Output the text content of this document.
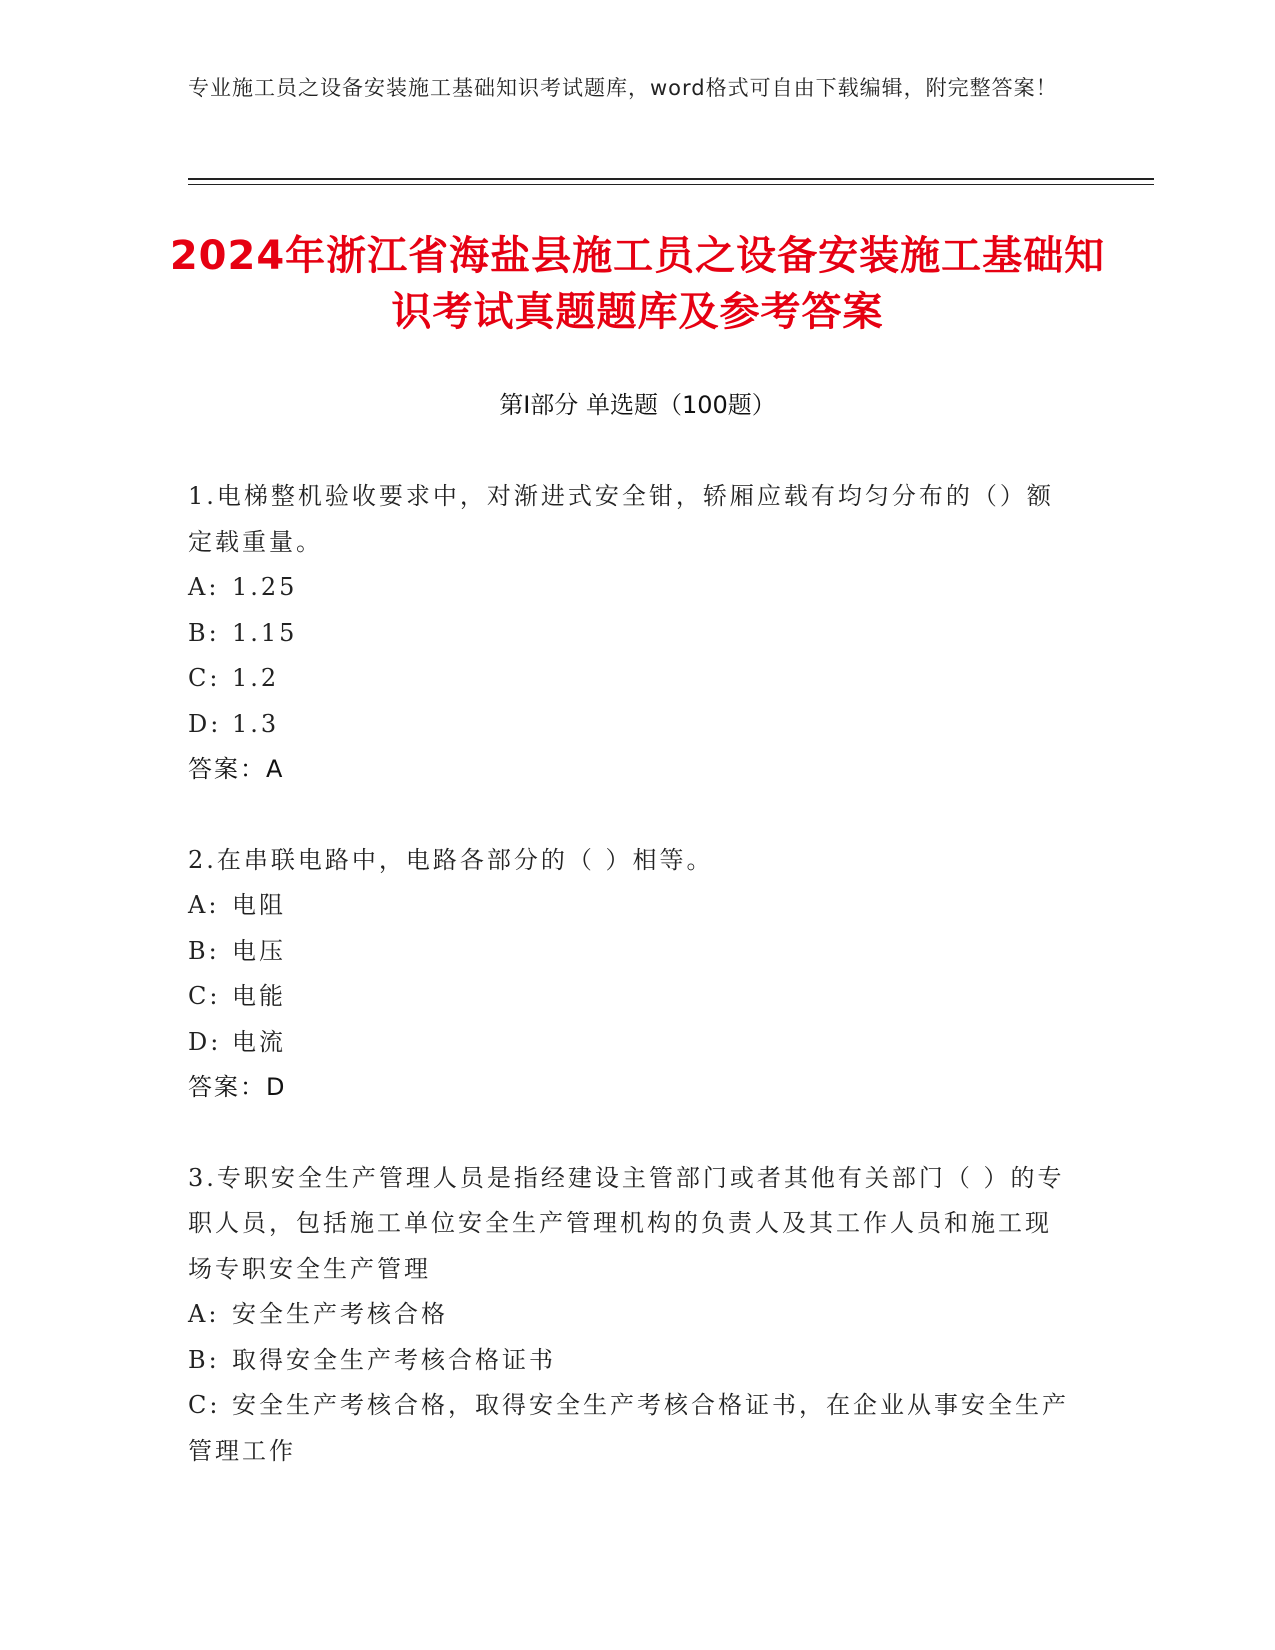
专业施工员之设备安装施工基础知识考试题库，word格式可自由下载编辑，附完整答案！
2024年浙江省海盐县施工员之设备安装施工基础知识考试真题题库及参考答案
第Ⅰ部分 单选题（100题）

1.电梯整机验收要求中，对渐进式安全钳，轿厢应载有均匀分布的（）额定载重量。

A: 1.25

B: 1.15

C: 1.2

D: 1.3

答案：A

2.在串联电路中，电路各部分的（ ）相等。

A: 电阻

B: 电压

C: 电能

D: 电流

答案：D

3.专职安全生产管理人员是指经建设主管部门或者其他有关部门（ ）的专职人员，包括施工单位安全生产管理机构的负责人及其工作人员和施工现场专职安全生产管理

A: 安全生产考核合格

B: 取得安全生产考核合格证书

C: 安全生产考核合格，取得安全生产考核合格证书，在企业从事安全生产管理工作
